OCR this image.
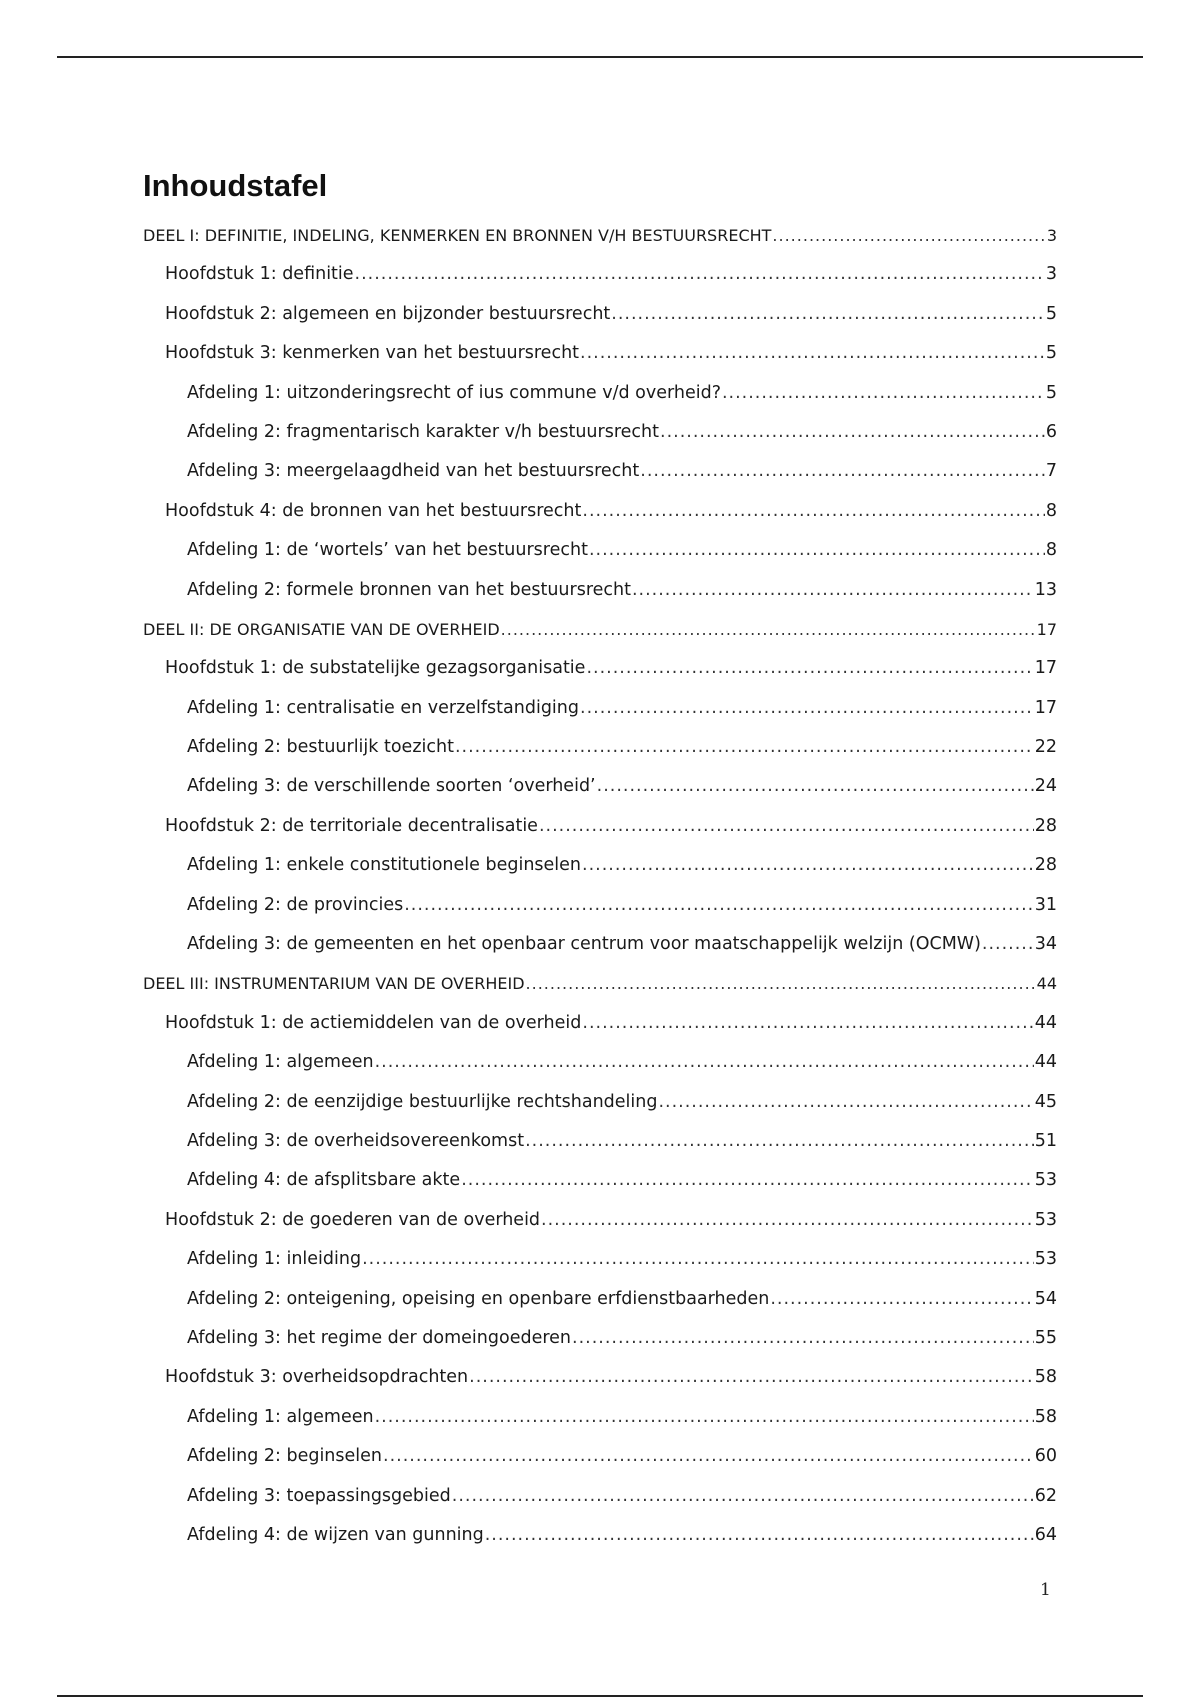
Inhoudstafel
DEEL I: DEFINITIE, INDELING, KENMERKEN EN BRONNEN V/H BESTUURSRECHT .....	3
Hoofdstuk 1: definitie .....	3
Hoofdstuk 2: algemeen en bijzonder bestuursrecht .....	5
Hoofdstuk 3: kenmerken van het bestuursrecht .....	5
Afdeling 1: uitzonderingsrecht of ius commune v/d overheid? .....	5
Afdeling 2: fragmentarisch karakter v/h bestuursrecht .....	6
Afdeling 3: meergelaagdheid van het bestuursrecht .....	7
Hoofdstuk 4: de bronnen van het bestuursrecht .....	8
Afdeling 1: de ‘wortels’ van het bestuursrecht .....	8
Afdeling 2: formele bronnen van het bestuursrecht .....	13
DEEL II: DE ORGANISATIE VAN DE OVERHEID .....	17
Hoofdstuk 1: de substatelijke gezagsorganisatie .....	17
Afdeling 1: centralisatie en verzelfstandiging .....	17
Afdeling 2: bestuurlijk toezicht .....	22
Afdeling 3: de verschillende soorten ‘overheid’ .....	24
Hoofdstuk 2: de territoriale decentralisatie .....	28
Afdeling 1: enkele constitutionele beginselen .....	28
Afdeling 2: de provincies .....	31
Afdeling 3: de gemeenten en het openbaar centrum voor maatschappelijk welzijn (OCMW) .....	34
DEEL III: INSTRUMENTARIUM VAN DE OVERHEID .....	44
Hoofdstuk 1: de actiemiddelen van de overheid .....	44
Afdeling 1: algemeen .....	44
Afdeling 2: de eenzijdige bestuurlijke rechtshandeling .....	45
Afdeling 3: de overheidsovereenkomst .....	51
Afdeling 4: de afsplitsbare akte .....	53
Hoofdstuk 2: de goederen van de overheid .....	53
Afdeling 1: inleiding .....	53
Afdeling 2: onteigening, opeising en openbare erfdienstbaarheden .....	54
Afdeling 3: het regime der domeingoederen .....	55
Hoofdstuk 3: overheidsopdrachten .....	58
Afdeling 1: algemeen .....	58
Afdeling 2: beginselen .....	60
Afdeling 3: toepassingsgebied .....	62
Afdeling 4: de wijzen van gunning .....	64
1
